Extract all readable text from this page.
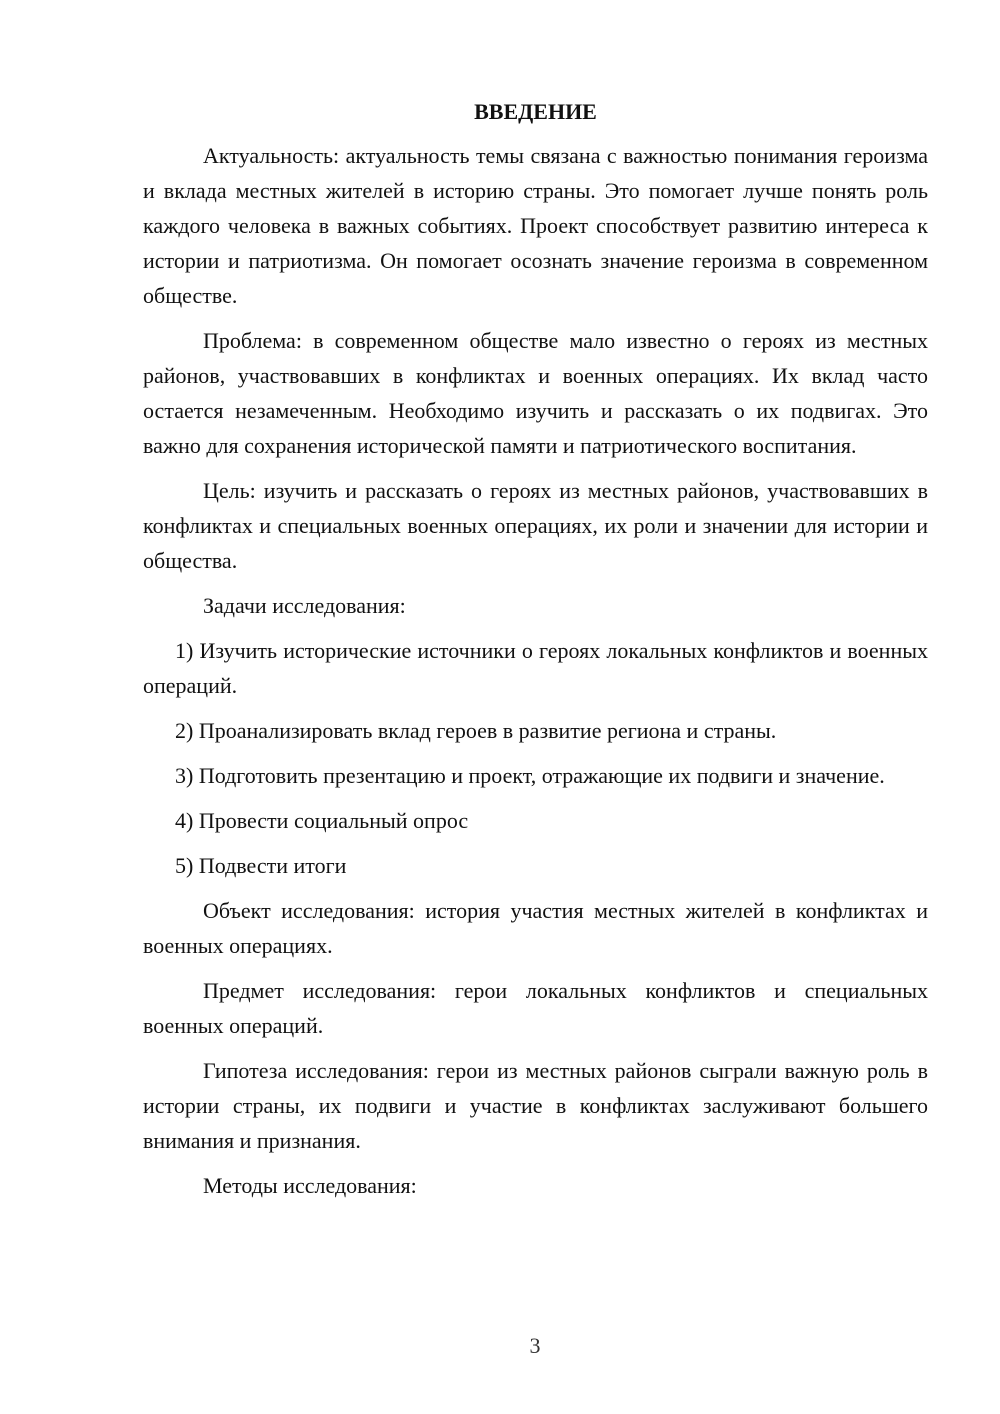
ВВЕДЕНИЕ

Актуальность: актуальность темы связана с важностью понимания героизма и вклада местных жителей в историю страны. Это помогает лучше понять роль каждого человека в важных событиях. Проект способствует развитию интереса к истории и патриотизма. Он помогает осознать значение героизма в современном обществе.

Проблема: в современном обществе мало известно о героях из местных районов, участвовавших в конфликтах и военных операциях. Их вклад часто остается незамеченным. Необходимо изучить и рассказать о их подвигах. Это важно для сохранения исторической памяти и патриотического воспитания.

Цель: изучить и рассказать о героях из местных районов, участвовавших в конфликтах и специальных военных операциях, их роли и значении для истории и общества.

Задачи исследования:

1) Изучить исторические источники о героях локальных конфликтов и военных операций.

2) Проанализировать вклад героев в развитие региона и страны.

3) Подготовить презентацию и проект, отражающие их подвиги и значение.

4) Провести социальный опрос

5) Подвести итоги

Объект исследования: история участия местных жителей в конфликтах и военных операциях.

Предмет исследования: герои локальных конфликтов и специальных военных операций.

Гипотеза исследования: герои из местных районов сыграли важную роль в истории страны, их подвиги и участие в конфликтах заслуживают большего внимания и признания.

Методы исследования:

3
